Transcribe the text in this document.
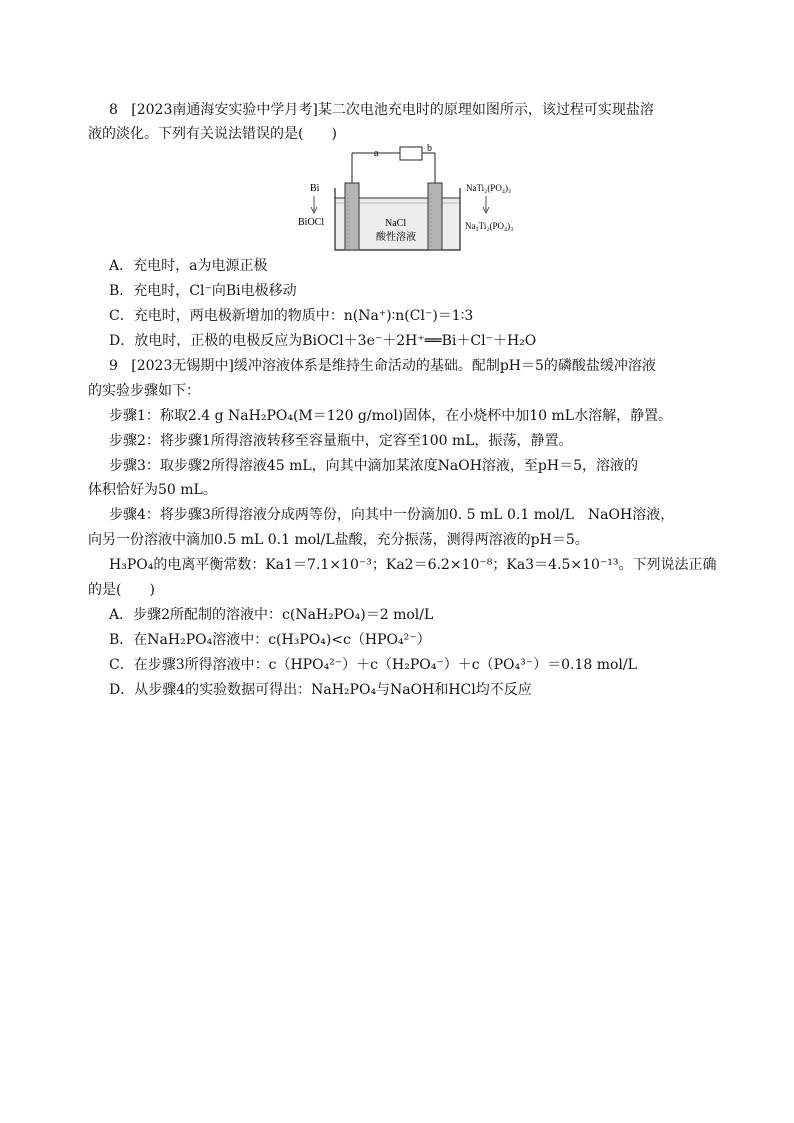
8 [2023南通海安实验中学月考]某二次电池充电时的原理如图所示，该过程可实现盐溶
液的淡化。下列有关说法错误的是(　　)
a	b
NaCl
酸性溶液
Bi
BiOCl
NaTi₂(PO₄)₃
Na₃Ti₂(PO₄)₃
A．充电时，a为电源正极
B．充电时，Cl⁻向Bi电极移动
C．充电时，两电极新增加的物质中：n(Na⁺)∶n(Cl⁻)＝1∶3
D．放电时，正极的电极反应为BiOCl＋3e⁻＋2H⁺══Bi＋Cl⁻＋H₂O
9 [2023无锡期中]缓冲溶液体系是维持生命活动的基础。配制pH＝5的磷酸盐缓冲溶液
的实验步骤如下：
步骤1：称取2.4 g NaH₂PO₄(M＝120 g/mol)固体，在小烧杯中加10 mL水溶解，静置。
步骤2：将步骤1所得溶液转移至容量瓶中，定容至100 mL，振荡，静置。
步骤3：取步骤2所得溶液45 mL，向其中滴加某浓度NaOH溶液，至pH＝5，溶液的
体积恰好为50 mL。
步骤4：将步骤3所得溶液分成两等份，向其中一份滴加0. 5 mL 0.1 mol/L　NaOH溶液，
向另一份溶液中滴加0.5 mL 0.1 mol/L盐酸，充分振荡，测得两溶液的pH＝5。
H₃PO₄的电离平衡常数：Ka1＝7.1×10⁻³；Ka2＝6.2×10⁻⁸；Ka3＝4.5×10⁻¹³。下列说法正确
的是(　　)
A．步骤2所配制的溶液中：c(NaH₂PO₄)＝2 mol/L
B．在NaH₂PO₄溶液中：c(H₃PO₄)<c（HPO₄²⁻）
C．在步骤3所得溶液中：c（HPO₄²⁻）＋c（H₂PO₄⁻）＋c（PO₄³⁻）＝0.18 mol/L
D．从步骤4的实验数据可得出：NaH₂PO₄与NaOH和HCl均不反应
